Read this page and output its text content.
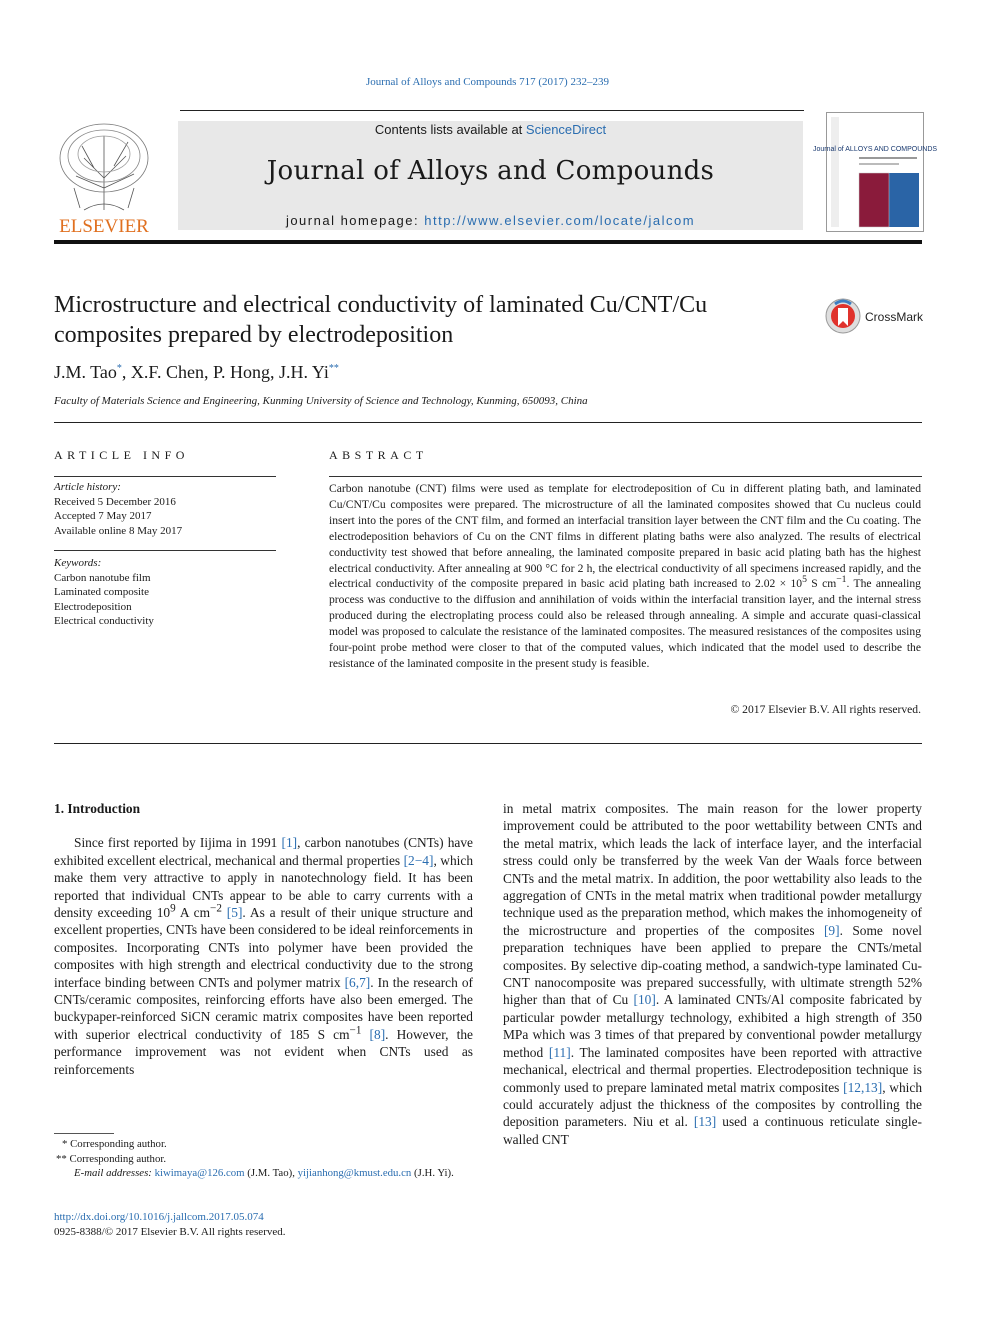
Journal of Alloys and Compounds 717 (2017) 232–239
ELSEVIER
Contents lists available at ScienceDirect
Journal of Alloys and Compounds
journal homepage: http://www.elsevier.com/locate/jalcom
Journal of ALLOYS AND COMPOUNDS
Microstructure and electrical conductivity of laminated Cu/CNT/Cu composites prepared by electrodeposition
CrossMark
J.M. Tao*, X.F. Chen, P. Hong, J.H. Yi**
Faculty of Materials Science and Engineering, Kunming University of Science and Technology, Kunming, 650093, China
ARTICLE INFO
Article history:
Received 5 December 2016
Accepted 7 May 2017
Available online 8 May 2017
Keywords:
Carbon nanotube film
Laminated composite
Electrodeposition
Electrical conductivity
ABSTRACT
Carbon nanotube (CNT) films were used as template for electrodeposition of Cu in different plating bath, and laminated Cu/CNT/Cu composites were prepared. The microstructure of all the laminated composites showed that Cu nucleus could insert into the pores of the CNT film, and formed an interfacial transition layer between the CNT film and the Cu coating. The electrodeposition behaviors of Cu on the CNT films in different plating baths were also analyzed. The results of electrical conductivity test showed that before annealing, the laminated composite prepared in basic acid plating bath has the highest electrical conductivity. After annealing at 900 °C for 2 h, the electrical conductivity of all specimens increased rapidly, and the electrical conductivity of the composite prepared in basic acid plating bath increased to $2.02 \times 10^5$ S $cm^{-1}$. The annealing process was conductive to the diffusion and annihilation of voids within the interfacial transition layer, and the internal stress produced during the electroplating process could also be released through annealing. A simple and accurate quasi-classical model was proposed to calculate the resistance of the laminated composites. The measured resistances of the composites using four-point probe method were closer to that of the computed values, which indicated that the model used to describe the resistance of the laminated composite in the present study is feasible.
© 2017 Elsevier B.V. All rights reserved.
1. Introduction

Since first reported by Iijima in 1991 [1], carbon nanotubes (CNTs) have exhibited excellent electrical, mechanical and thermal properties [2−4], which make them very attractive to apply in nanotechnology field. It has been reported that individual CNTs appear to be able to carry currents with a density exceeding $10^9$ A $cm^{-2}$ [5]. As a result of their unique structure and excellent properties, CNTs have been considered to be ideal reinforcements in composites. Incorporating CNTs into polymer have been provided the composites with high strength and electrical conductivity due to the strong interface binding between CNTs and polymer matrix [6,7]. In the research of CNTs/ceramic composites, reinforcing efforts have also been emerged. The buckypaper-reinforced SiCN ceramic matrix composites have been reported with superior electrical conductivity of 185 S $cm^{-1}$ [8]. However, the performance improvement was not evident when CNTs used as reinforcements

in metal matrix composites. The main reason for the lower property improvement could be attributed to the poor wettability between CNTs and the metal matrix, which leads the lack of interface layer, and the interfacial stress could only be transferred by the week Van der Waals force between CNTs and the metal matrix. In addition, the poor wettability also leads to the aggregation of CNTs in the metal matrix when traditional powder metallurgy technique used as the preparation method, which makes the inhomogeneity of the microstructure and properties of the composites [9]. Some novel preparation techniques have been applied to prepare the CNTs/metal composites. By selective dip-coating method, a sandwich-type laminated Cu-CNT nanocomposite was prepared successfully, with ultimate strength 52% higher than that of Cu [10]. A laminated CNTs/Al composite fabricated by particular powder metallurgy technology, exhibited a high strength of 350 MPa which was 3 times of that prepared by conventional powder metallurgy method [11]. The laminated composites have been reported with attractive mechanical, electrical and thermal properties. Electrodeposition technique is commonly used to prepare laminated metal matrix composites [12,13], which could accurately adjust the thickness of the composites by controlling the deposition parameters. Niu et al. [13] used a continuous reticulate single-walled CNT

* Corresponding author.
** Corresponding author.
E-mail addresses: kiwimaya@126.com (J.M. Tao), yijianhong@kmust.edu.cn (J.H. Yi).
http://dx.doi.org/10.1016/j.jallcom.2017.05.074
0925-8388/© 2017 Elsevier B.V. All rights reserved.
